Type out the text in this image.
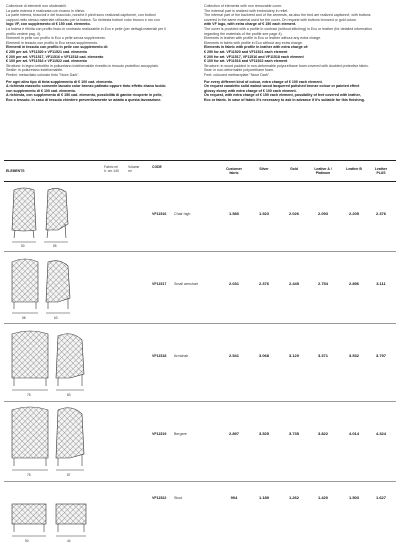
Collezione di elementi non sfoderabili.

La parte esterna è realizzata con ricamo in rilievo.

La parte interna, braccioli e del bracciolo, nonché il piedi sono realizzati capitonné, con bottoni

capponi nello stesso materiale utilizzato per la fodera. Su richiesta bottoni color bronzo e oro con

logo VF, con supplemento di € 150 cad. elemento.

La fodera è rifinita con profilo liscio in contrasto realizzabile in Eco e pelle (per dettagli materiali per il

profilo vedere pag. 4).

Elementi in pelle con profilo in Eco o pelle senza supplemento.

Elementi in tessuto con profilo in Eco senza supplemento.

Elementi in tessuto con profilo in pelle con supplemento di:

€ 250 per art. VF11520 e VF11521 cad. elemento

€ 200 per art. VF11517, VF11516 e VF11518 cad. elemento

€ 100 per art. VF11516 e VF11522 cad. elemento

Struttura: in legno imbottito in poliuretano indeformabile rivestito in tessuto protettivo accoppiato.

Sedile: in poliuretano indeformabile.

Piedini: metacrilato colorato tinto "Noce Dark".

Per ogni altro tipo di tinta supplemento di € 100 cad. elemento.

A richiesta massello consente laccato color bronzo patinato oppure tinto effetto ebano lucido

con supplemento di € 100 cad. elemento.

A richiesta, con supplemento di € 150 cad. elemento, possibilità di gambe ricoperte in pelle,

Eco o tessuto. In caso di tessuto chiedere preventivamente se adatto a questa lavorazione.

Collection of elements with non removable cover.

The external part is realized with embroidery in relief.

The internal part of the backrest and of the armrests, as also the bed are realized capitonné, with buttons

covered in the same material used for the cover. On request with buttons bronzed or gold colour

with VF logo, with extra charge of € 150 each element.

The cover is provided with a profile in contrast (without stitching) in Eco or leather (for detailed information

regarding the materials of the profile see page 4).

Elements in leather with profile in Eco or leather without any extra charge.

Elements in fabric with profile in Eco without any extra charge.

Elements in fabric with profile in leather with extra charge of:

€ 250 for art. VF11520 and VF11521 each element

€ 200 for art. VF11517, VF11516 and VF11518 each element

€ 100 for art. VF11516 and VF11522 each element

Structure: in wood padded in non-deformable polyurethane foam covered with doubled protective fabric.

Seat: in non-deformable polyurethane foam.

Feet: coloured methacrylate "Noce Dark".

For every different kind of colour, extra charge of € 100 each element.

On request canaletto solid walnut wood lacquered polished bronze colour or painted effect

glossy ebony with extra charge of € 100 each element.

On request, with extra charge of € 150 each element, possibility of feet covered with leather,

Eco or fabric. In case of fabric it's necessary to ask in advance if it's suitable for this finishing.

ELEMENTS
Fabric ml
h. cm 140
Volume
m³
CODE	Customer
fabric
Silver	Gold	Leather A /
Platinum
Leather B	Leather
PLUS
50	55
VF11516 Chair high	1.580	1.923	2.026	2.093	2.205	2.376
58	63
VF11517 Small armchair	2.031	2.376	2.445	2.754	2.896	3.111
75	83
VF11518 Armchair	2.541	3.068	3.120	3.371	3.532	3.797
75	87
VF11519 Bergere	2.897	3.525	3.735	3.822	4.014	4.324
50	44
VF11522 Stool	904	1.189	1.262	1.420	1.503	1.627
